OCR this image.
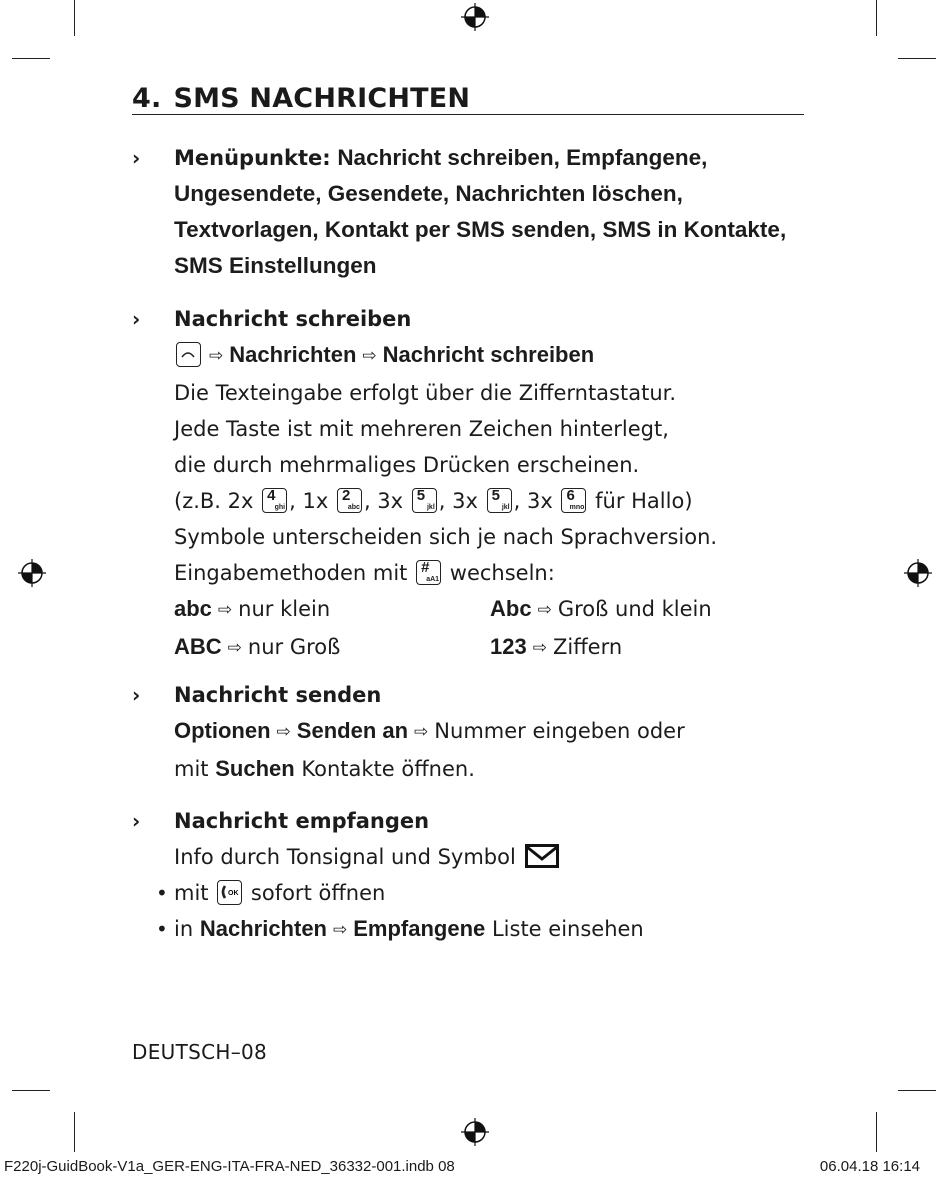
4. SMS NACHRICHTEN
› Menüpunkte: Nachricht schreiben, Empfangene,
Ungesendete, Gesendete, Nachrichten löschen,
Textvorlagen, Kontakt per SMS senden, SMS in Kontakte,
SMS Einstellungen
› Nachricht schreiben
⇨ Nachrichten ⇨ Nachricht schreiben
Die Texteingabe erfolgt über die Zifferntastatur.
Jede Taste ist mit mehreren Zeichen hinterlegt,
die durch mehrmaliges Drücken erscheinen.
(z.B. 2x 4
ghi , 1x 2
abc , 3x 5
jkl , 3x 5
jkl , 3x 6
mno für Hallo)
Symbole unterscheiden sich je nach Sprachversion.
Eingabemethoden mit #
aA1 wechseln:
abc ⇨ nur klein	Abc ⇨ Groß und klein
ABC ⇨ nur Groß	123 ⇨ Ziffern
› Nachricht senden
Optionen ⇨ Senden an ⇨ Nummer eingeben oder
mit Suchen Kontakte öffnen.
› Nachricht empfangen
Info durch Tonsignal und Symbol
• mit	OK sofort öffnen
• in Nachrichten ⇨ Empfangene Liste einsehen
DEUTSCH–08
F220j-GuidBook-V1a_GER-ENG-ITA-FRA-NED_36332-001.indb 08	06.04.18 16:14
